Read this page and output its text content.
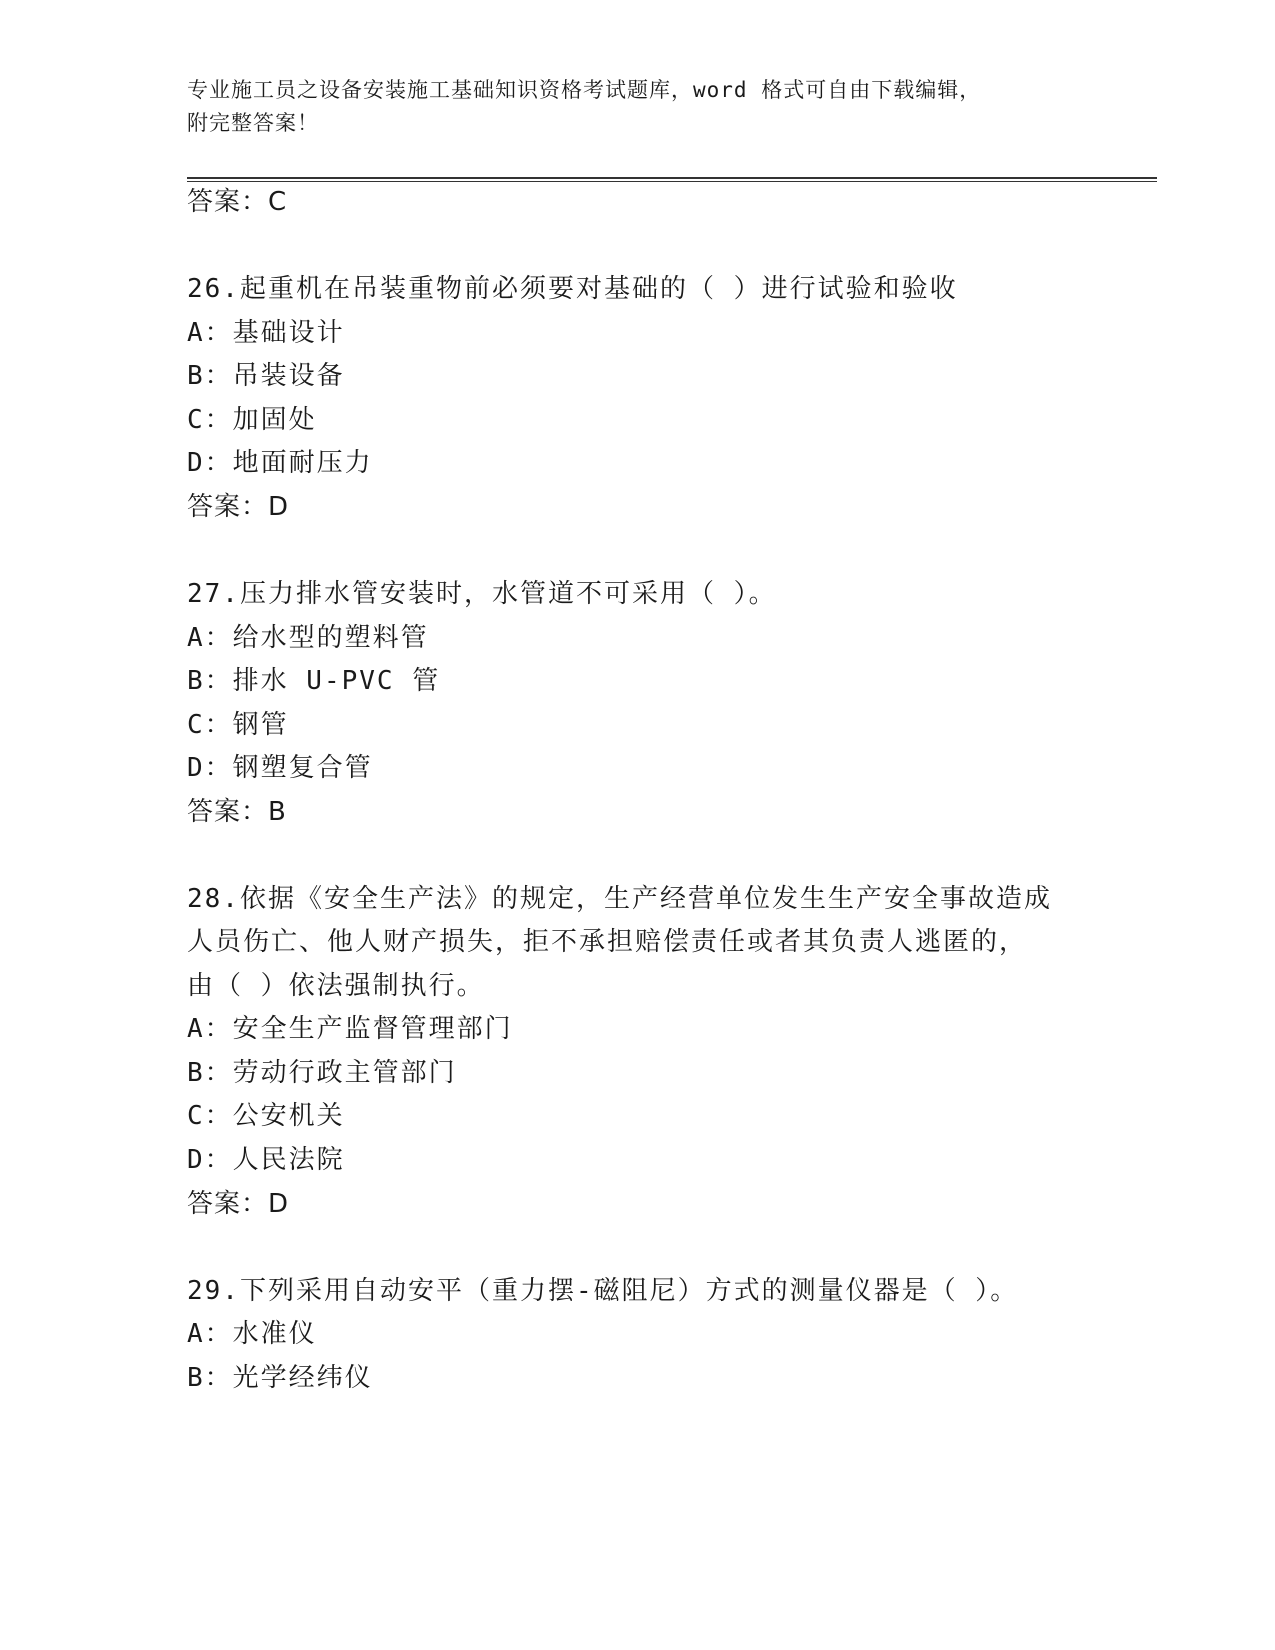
专业施工员之设备安装施工基础知识资格考试题库，word 格式可自由下载编辑，
附完整答案！
答案：C
26.起重机在吊装重物前必须要对基础的（ ）进行试验和验收
A：基础设计
B：吊装设备
C：加固处
D：地面耐压力
答案：D
27.压力排水管安装时，水管道不可采用（ ）。
A：给水型的塑料管
B：排水 U-PVC 管
C：钢管
D：钢塑复合管
答案：B
28.依据《安全生产法》的规定，生产经营单位发生生产安全事故造成
人员伤亡、他人财产损失，拒不承担赔偿责任或者其负责人逃匿的，
由（ ）依法强制执行。
A：安全生产监督管理部门
B：劳动行政主管部门
C：公安机关
D：人民法院
答案：D
29.下列采用自动安平（重力摆-磁阻尼）方式的测量仪器是（ ）。
A：水准仪
B：光学经纬仪
